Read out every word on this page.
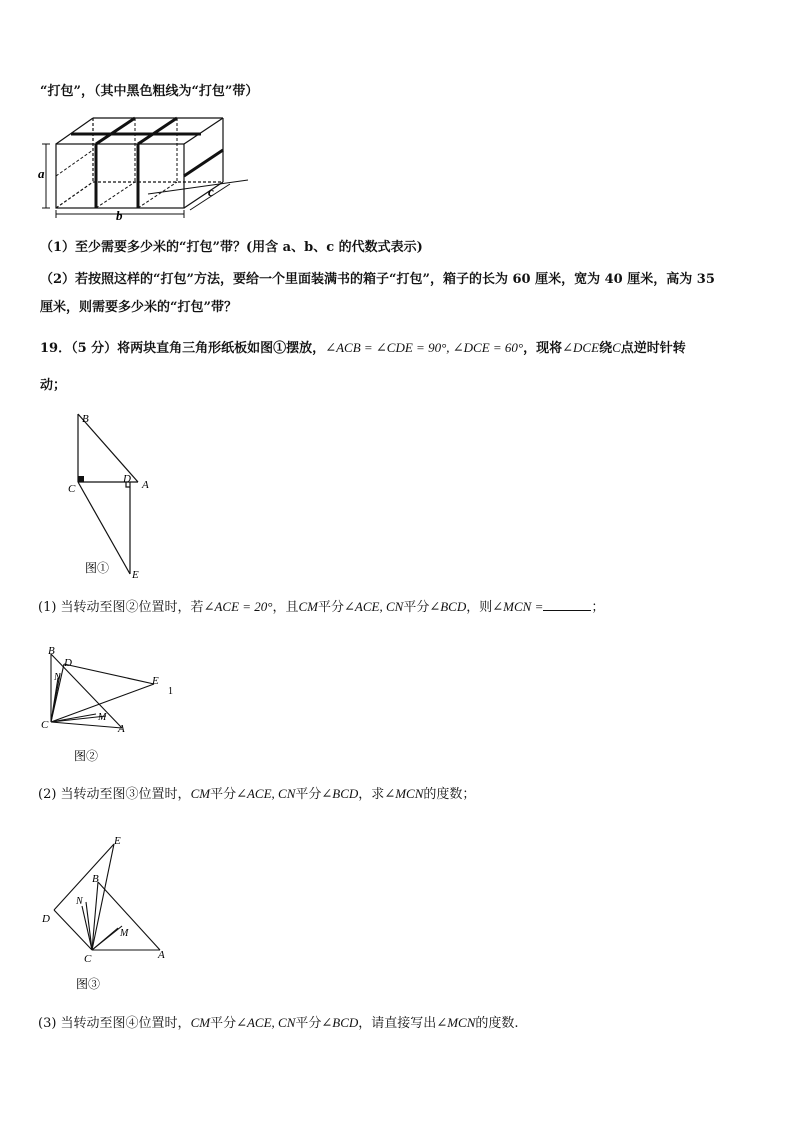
“打包”，（其中黑色粗线为“打包”带）
a
b
c
（1）至少需要多少米的“打包”带？(用含 a、b、c 的代数式表示)
（2）若按照这样的“打包”方法，要给一个里面装满书的箱子“打包”，箱子的长为 60 厘米，宽为 40 厘米，高为 35
厘米，则需要多少米的“打包”带？
19．（5 分）将两块直角三角形纸板如图①摆放，∠ACB = ∠CDE = 90°, ∠DCE = 60°，现将∠DCE绕C点逆时针转
动；
B
C
D A
E
图①
(1) 当转动至图②位置时，若∠ACE = 20°，且CM平分∠ACE, CN平分∠BCD，则∠MCN =	；
B
D
N	E
1
M
C	A
图②
(2) 当转动至图③位置时，CM平分∠ACE, CN平分∠BCD，求∠MCN的度数；
E
B
N
D
M
C	A
图③
(3) 当转动至图④位置时，CM平分∠ACE, CN平分∠BCD，请直接写出∠MCN的度数.
